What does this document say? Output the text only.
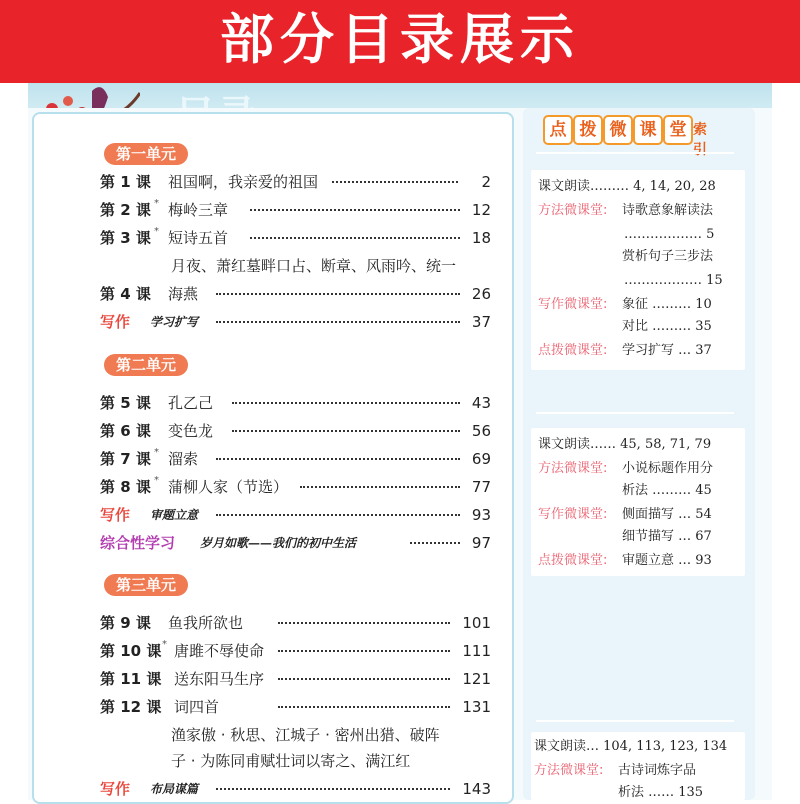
部分目录展示
第一单元
第 1 课 祖国啊，我亲爱的祖国	2
第 2 课 * 梅岭三章	12
第 3 课 * 短诗五首	18
月夜、萧红墓畔口占、断章、风雨吟、统一
第 4 课 海燕	26
写作 学习扩写	37
第二单元
第 5 课 孔乙己	43
第 6 课 变色龙	56
第 7 课 * 溜索	69
第 8 课 * 蒲柳人家（节选）	77
写作 审题立意	93
综合性学习 岁月如歌——我们的初中生活	97
第三单元
第 9 课 鱼我所欲也	101
第 10 课 * 唐雎不辱使命	111
第 11 课 送东阳马生序	121
第 12 课 词四首	131
渔家傲 · 秋思、江城子 · 密州出猎、破阵
子 · 为陈同甫赋壮词以寄之、满江红
写作 布局谋篇	143
点 拨 微 课 堂 索引
课文朗读……… 4, 14, 20, 28
方法微课堂: 诗歌意象解读法
……………… 5
赏析句子三步法
……………… 15
写作微课堂: 象征 ……… 10
对比 ……… 35
点拨微课堂: 学习扩写 … 37
课文朗读…… 45, 58, 71, 79
方法微课堂: 小说标题作用分
析法 ……… 45
写作微课堂: 侧面描写 … 54
细节描写 … 67
点拨微课堂: 审题立意 … 93
课文朗读… 104, 113, 123, 134
方法微课堂: 古诗词炼字品
析法 …… 135
